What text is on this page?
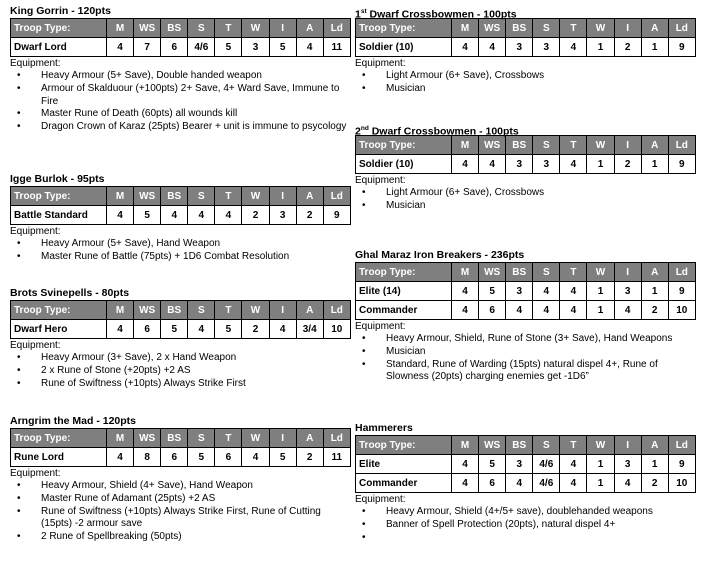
King Gorrin - 120pts
Troop Type:	M	WS	BS	S	T	W	I	A	Ld
Dwarf Lord	4	7	6	4/6	5	3	5	4	11
Equipment:
• Heavy Armour (5+ Save), Double handed weapon
• Armour of Skalduour (+100pts) 2+ Save, 4+ Ward Save, Immune to Fire
• Master Rune of Death (60pts) all wounds kill
• Dragon Crown of Karaz (25pts) Bearer + unit is immune to psycology
Igge Burlok - 95pts
Troop Type:	M	WS	BS	S	T	W	I	A	Ld
Battle Standard	4	5	4	4	4	2	3	2	9
Equipment:
• Heavy Armour (5+ Save), Hand Weapon
• Master Rune of Battle (75pts) + 1D6 Combat Resolution
Brots Svinepells - 80pts
Troop Type:	M	WS	BS	S	T	W	I	A	Ld
Dwarf Hero	4	6	5	4	5	2	4	3/4	10
Equipment:
• Heavy Armour (3+ Save), 2 x Hand Weapon
• 2 x Rune of Stone (+20pts) +2 AS
• Rune of Swiftness (+10pts) Always Strike First
Arngrim the Mad - 120pts
Troop Type:	M	WS	BS	S	T	W	I	A	Ld
Rune Lord	4	8	6	5	6	4	5	2	11
Equipment:
• Heavy Armour, Shield (4+ Save), Hand Weapon
• Master Rune of Adamant (25pts) +2 AS
• Rune of Swiftness (+10pts) Always Strike First, Rune of Cutting (15pts) -2 armour save
• 2 Rune of Spellbreaking (50pts)
1st Dwarf Crossbowmen - 100pts
Troop Type:	M	WS	BS	S	T	W	I	A	Ld
Soldier (10)	4	4	3	3	4	1	2	1	9
Equipment:
• Light Armour (6+ Save), Crossbows
• Musician
2nd Dwarf Crossbowmen - 100pts
Troop Type:	M	WS	BS	S	T	W	I	A	Ld
Soldier (10)	4	4	3	3	4	1	2	1	9
Equipment:
• Light Armour (6+ Save), Crossbows
• Musician
Ghal Maraz Iron Breakers - 236pts
Troop Type:	M	WS	BS	S	T	W	I	A	Ld
Elite (14)	4	5	3	4	4	1	3	1	9
Commander	4	6	4	4	4	1	4	2	10
Equipment:
• Heavy Armour, Shield, Rune of Stone (3+ Save), Hand Weapons
• Musician
• Standard, Rune of Warding (15pts) natural dispel 4+, Rune of Slowness (20pts) charging enemies get -1D6”
Hammerers
Troop Type:	M	WS	BS	S	T	W	I	A	Ld
Elite	4	5	3	4/6	4	1	3	1	9
Commander	4	6	4	4/6	4	1	4	2	10
Equipment:
• Heavy Armour, Shield (4+/5+ save), doublehanded weapons
• Banner of Spell Protection (20pts), natural dispel 4+
